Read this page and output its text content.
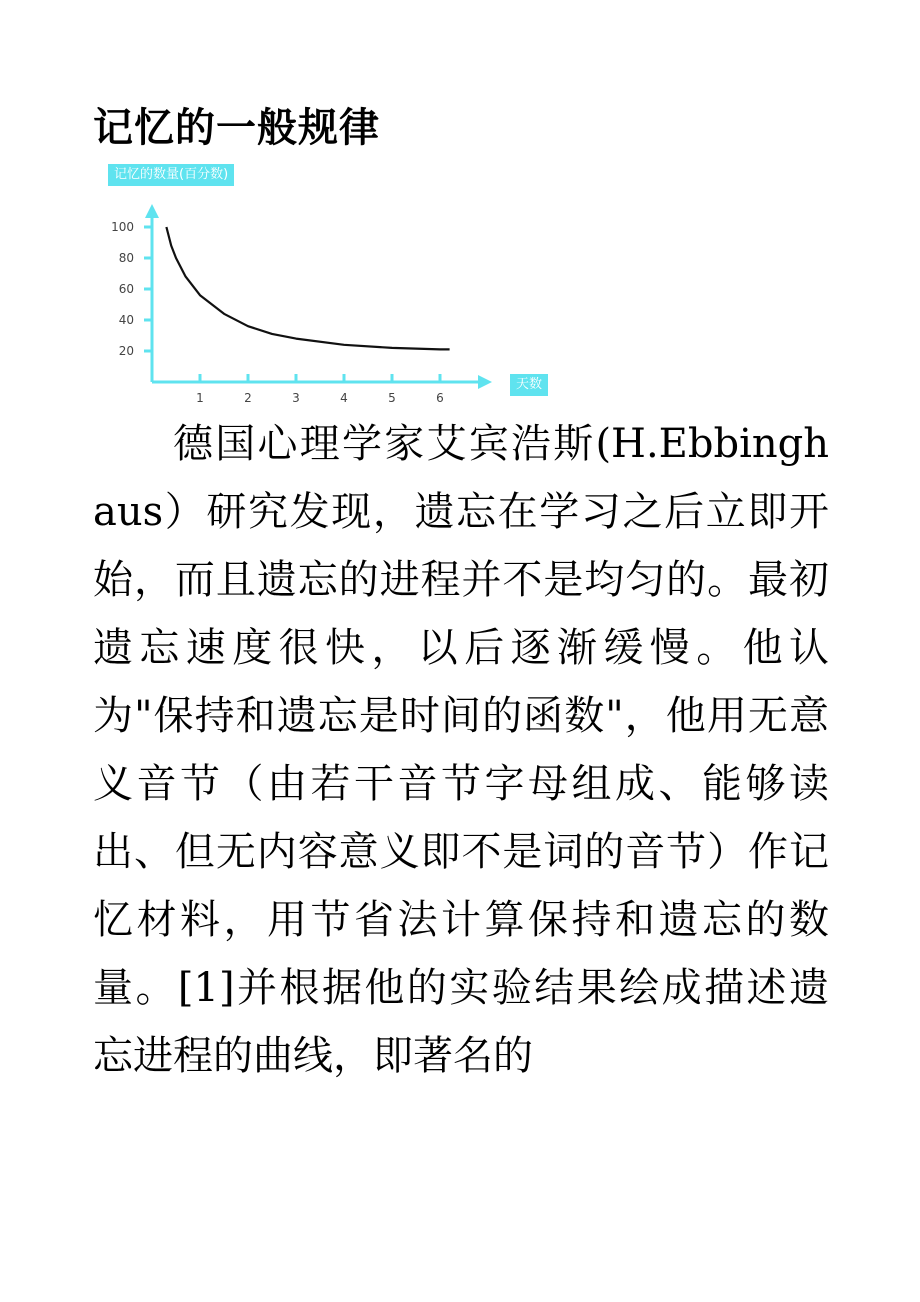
记忆的一般规律
记忆的数量(百分数)
100
80
60
40
20
1	2	3	4	5	6
天数

德国心理学家艾宾浩斯(H.Ebbinghaus）研究发现，遗忘在学习之后立即开始，而且遗忘的进程并不是均匀的。最初遗忘速度很快，以后逐渐缓慢。他认为"保持和遗忘是时间的函数"，他用无意义音节（由若干音节字母组成、能够读出、但无内容意义即不是词的音节）作记忆材料，用节省法计算保持和遗忘的数量。[1]并根据他的实验结果绘成描述遗忘进程的曲线，即著名的
